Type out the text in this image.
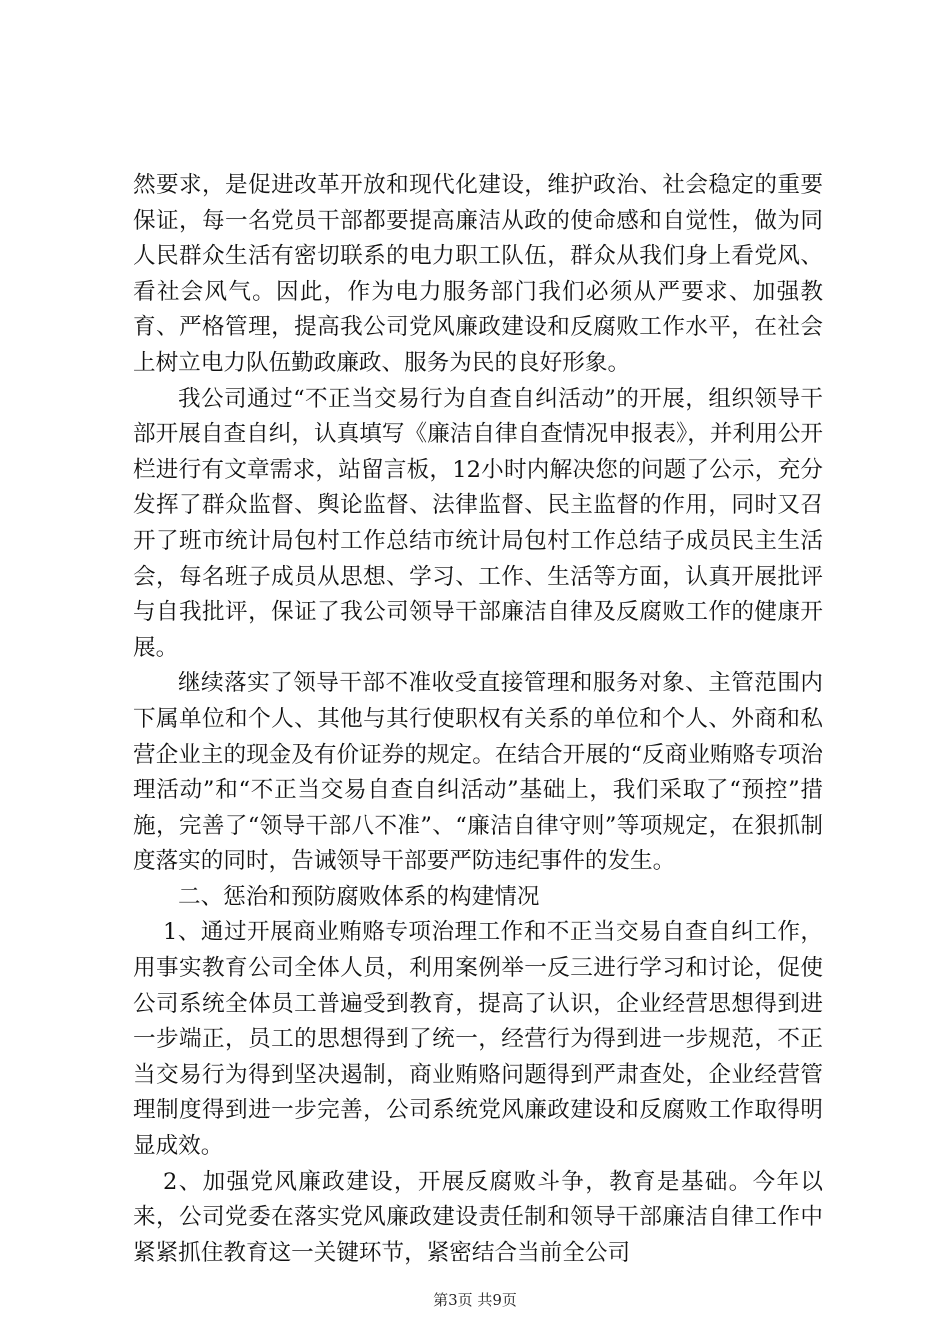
然要求，是促进改革开放和现代化建设，维护政治、社会稳定的重要保证，每一名党员干部都要提高廉洁从政的使命感和自觉性，做为同人民群众生活有密切联系的电力职工队伍，群众从我们身上看党风、看社会风气。因此，作为电力服务部门我们必须从严要求、加强教育、严格管理，提高我公司党风廉政建设和反腐败工作水平，在社会上树立电力队伍勤政廉政、服务为民的良好形象。

我公司通过“不正当交易行为自查自纠活动”的开展，组织领导干部开展自查自纠，认真填写《廉洁自律自查情况申报表》，并利用公开栏进行有文章需求，站留言板，12小时内解决您的问题了公示，充分发挥了群众监督、舆论监督、法律监督、民主监督的作用，同时又召开了班市统计局包村工作总结市统计局包村工作总结子成员民主生活会，每名班子成员从思想、学习、工作、生活等方面，认真开展批评与自我批评，保证了我公司领导干部廉洁自律及反腐败工作的健康开展。

继续落实了领导干部不准收受直接管理和服务对象、主管范围内下属单位和个人、其他与其行使职权有关系的单位和个人、外商和私营企业主的现金及有价证券的规定。在结合开展的“反商业贿赂专项治理活动”和“不正当交易自查自纠活动”基础上，我们采取了“预控”措施，完善了“领导干部八不准”、“廉洁自律守则”等项规定，在狠抓制度落实的同时，告诫领导干部要严防违纪事件的发生。

二、惩治和预防腐败体系的构建情况

1、通过开展商业贿赂专项治理工作和不正当交易自查自纠工作，用事实教育公司全体人员，利用案例举一反三进行学习和讨论，促使公司系统全体员工普遍受到教育，提高了认识，企业经营思想得到进一步端正，员工的思想得到了统一，经营行为得到进一步规范，不正当交易行为得到坚决遏制，商业贿赂问题得到严肃查处，企业经营管理制度得到进一步完善，公司系统党风廉政建设和反腐败工作取得明显成效。

2、加强党风廉政建设，开展反腐败斗争，教育是基础。今年以来，公司党委在落实党风廉政建设责任制和领导干部廉洁自律工作中紧紧抓住教育这一关键环节，紧密结合当前全公司

第3页 共9页
